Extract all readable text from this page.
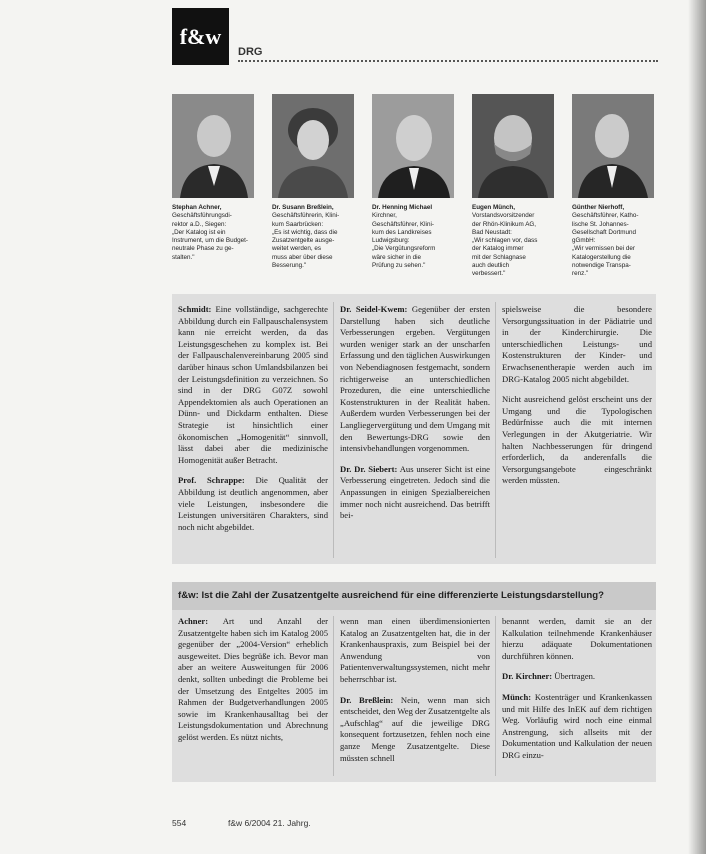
f&w
DRG
Stephan Achner,
Geschäftsführungsdi-
rektor a.D., Siegen:
„Der Katalog ist ein
Instrument, um die Budget-
neutrale Phase zu ge-
stalten."
Dr. Susann Breßlein,
Geschäftsführerin, Klini-
kum Saarbrücken:
„Es ist wichtig, dass die
Zusatzentgelte ausge-
weitet werden, es
muss aber über diese
Besserung."
Dr. Henning Michael
Kirchner,
Geschäftsführer, Klini-
kum des Landkreises
Ludwigsburg:
„Die Vergütungsreform
wäre sicher in die
Prüfung zu sehen."
Eugen Münch,
Vorstandsvorsitzender
der Rhön-Klinikum AG,
Bad Neustadt:
„Wir schlagen vor, dass
der Katalog immer
mit der Schlagnase
auch deutlich
verbessert."
Günther Nierhoff,
Geschäftsführer, Katho-
lische St. Johannes-
Gesellschaft Dortmund
gGmbH:
„Wir vermissen bei der
Katalogerstellung die
notwendige Transpa-
renz."

Schmidt: Eine vollständige, sachgerechte Abbildung durch ein Fallpauschalensystem kann nie erreicht werden, da das Leistungsgeschehen zu komplex ist. Bei der Fallpauschalenvereinbarung 2005 sind darüber hinaus schon Umlandsbilanzen bei der Leistungsdefinition zu verzeichnen. So sind in der DRG G07Z sowohl Appendektomien als auch Operationen an Dünn- und Dickdarm enthalten. Diese Strategie ist hinsichtlich einer ökonomischen „Homogenität“ sinnvoll, lässt dabei aber die medizinische Homogenität außer Betracht.

Prof. Schrappe: Die Qualität der Abbildung ist deutlich angenommen, aber viele Leistungen, insbesondere die Leistungen universitären Charakters, sind noch nicht abgebildet.

Dr. Seidel-Kwem: Gegenüber der ersten Darstellung haben sich deutliche Verbesserungen ergeben. Vergütungen wurden weniger stark an der unscharfen Erfassung und den täglichen Auswirkungen von Nebendiagnosen festgemacht, sondern richtigerweise an unterschiedlichen Prozeduren, die eine unterschiedliche Kostenstrukturen in der Realität haben. Außerdem wurden Verbesserungen bei der Langliegervergütung und dem Umgang mit den Bewertungs-DRG sowie den intensivbehandlungen vorgenommen.

Dr. Dr. Siebert: Aus unserer Sicht ist eine Verbesserung eingetreten. Jedoch sind die Anpassungen in einigen Spezialbereichen immer noch nicht ausreichend. Das betrifft bei-

spielsweise die besondere Versorgungssituation in der Pädiatrie und in der Kinderchirurgie. Die unterschiedlichen Leistungs- und Kostenstrukturen der Kinder- und Erwachsenentherapie werden auch im DRG-Katalog 2005 nicht abgebildet.

Nicht ausreichend gelöst erscheint uns der Umgang und die Typologischen Bedürfnisse auch die mit internen Verlegungen in der Akutgeriatrie. Wir halten Nachbesserungen für dringend erforderlich, da anderenfalls die Versorgungsangebote eingeschränkt werden müssten.

f&w: Ist die Zahl der Zusatzentgelte ausreichend für eine differenzierte Leistungsdarstellung?

Achner: Art und Anzahl der Zusatzentgelte haben sich im Katalog 2005 gegenüber der „2004-Version“ erheblich ausgeweitet. Dies begrüße ich. Bevor man aber an weitere Ausweitungen für 2006 denkt, sollten unbedingt die Probleme bei der Umsetzung des Entgeltes 2005 im Rahmen der Budgetverhandlungen 2005 sowie im Krankenhausalltag bei der Leistungsdokumentation und Abrechnung gelöst werden. Es nützt nichts,

wenn man einen überdimensionierten Katalog an Zusatzentgelten hat, die in der Krankenhauspraxis, zum Beispiel bei der Anwendung von Patientenverwaltungssystemen, nicht mehr beherrschbar ist.

Dr. Breßlein: Nein, wenn man sich entscheidet, den Weg der Zusatzentgelte als „Aufschlag“ auf die jeweilige DRG konsequent fortzusetzen, fehlen noch eine ganze Menge Zusatzentgelte. Diese müssten schnell

benannt werden, damit sie an der Kalkulation teilnehmende Krankenhäuser hierzu adäquate Dokumentationen durchführen können.

Dr. Kirchner: Übertragen.

Münch: Kostenträger und Krankenkassen und mit Hilfe des InEK auf dem richtigen Weg. Vorläufig wird noch eine einmal Anstrengung, sich allseits mit der Dokumentation und Kalkulation der neuen DRG einzu-

554	f&w 6/2004 21. Jahrg.
